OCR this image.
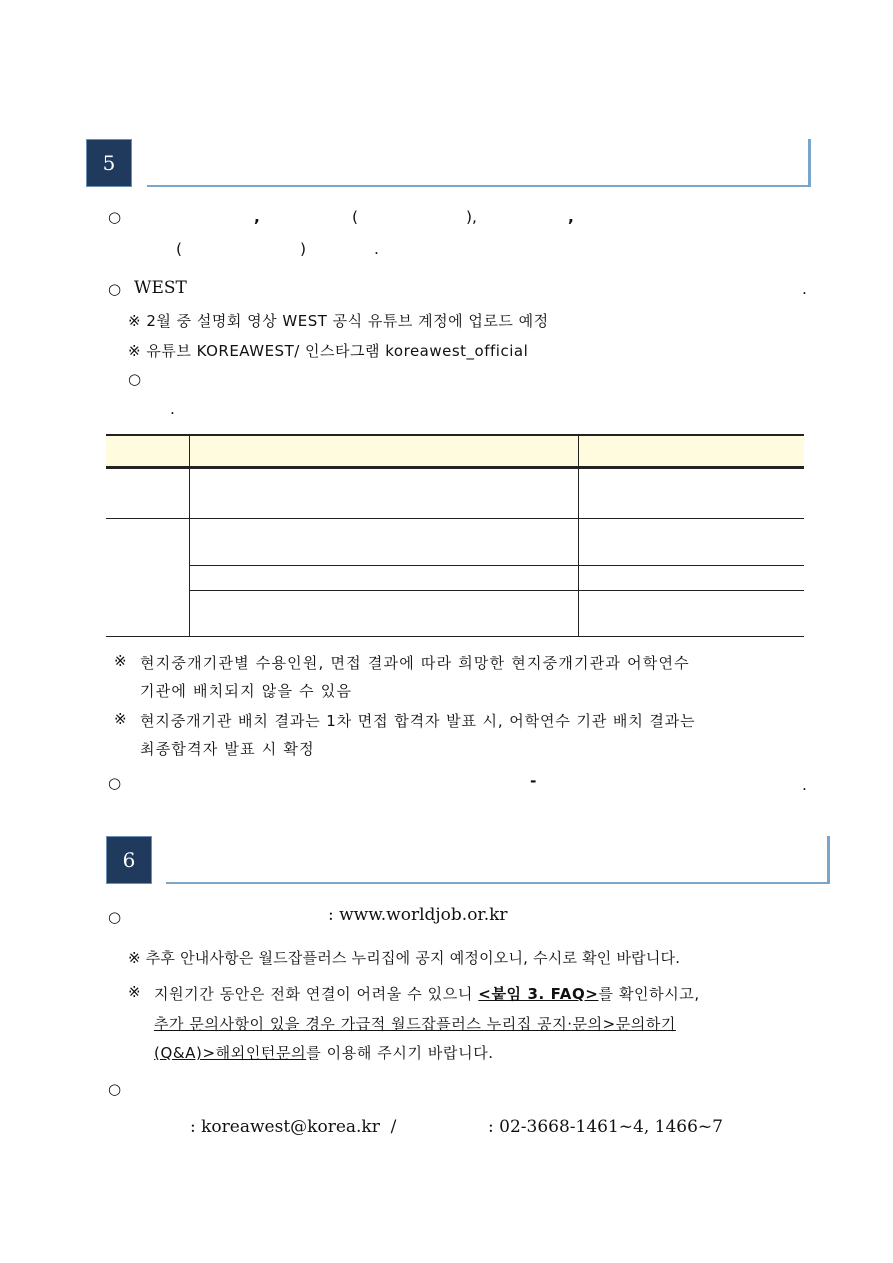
5
○	,	(	),	,
(	)	.
○ WEST	.
※ 2월 중 설명회 영상 WEST 공식 유튜브 계정에 업로드 예정
※ 유튜브 KOREAWEST/ 인스타그램 koreawest_official
○
.
※ 현지중개기관별 수용인원, 면접 결과에 따라 희망한 현지중개기관과 어학연수
기관에 배치되지 않을 수 있음
※ 현지중개기관 배치 결과는 1차 면접 합격자 발표 시, 어학연수 기관 배치 결과는
최종합격자 발표 시 확정
○	-	.
6
○	: www.worldjob.or.kr
※ 추후 안내사항은 월드잡플러스 누리집에 공지 예정이오니, 수시로 확인 바랍니다.
※ 지원기간 동안은 전화 연결이 어려울 수 있으니 <붙임 3. FAQ>를 확인하시고,
추가 문의사항이 있을 경우 가급적 월드잡플러스 누리집 공지·문의>문의하기
(Q&A)>해외인턴문의를 이용해 주시기 바랍니다.
○
: koreawest@korea.kr  /	: 02-3668-1461~4, 1466~7
